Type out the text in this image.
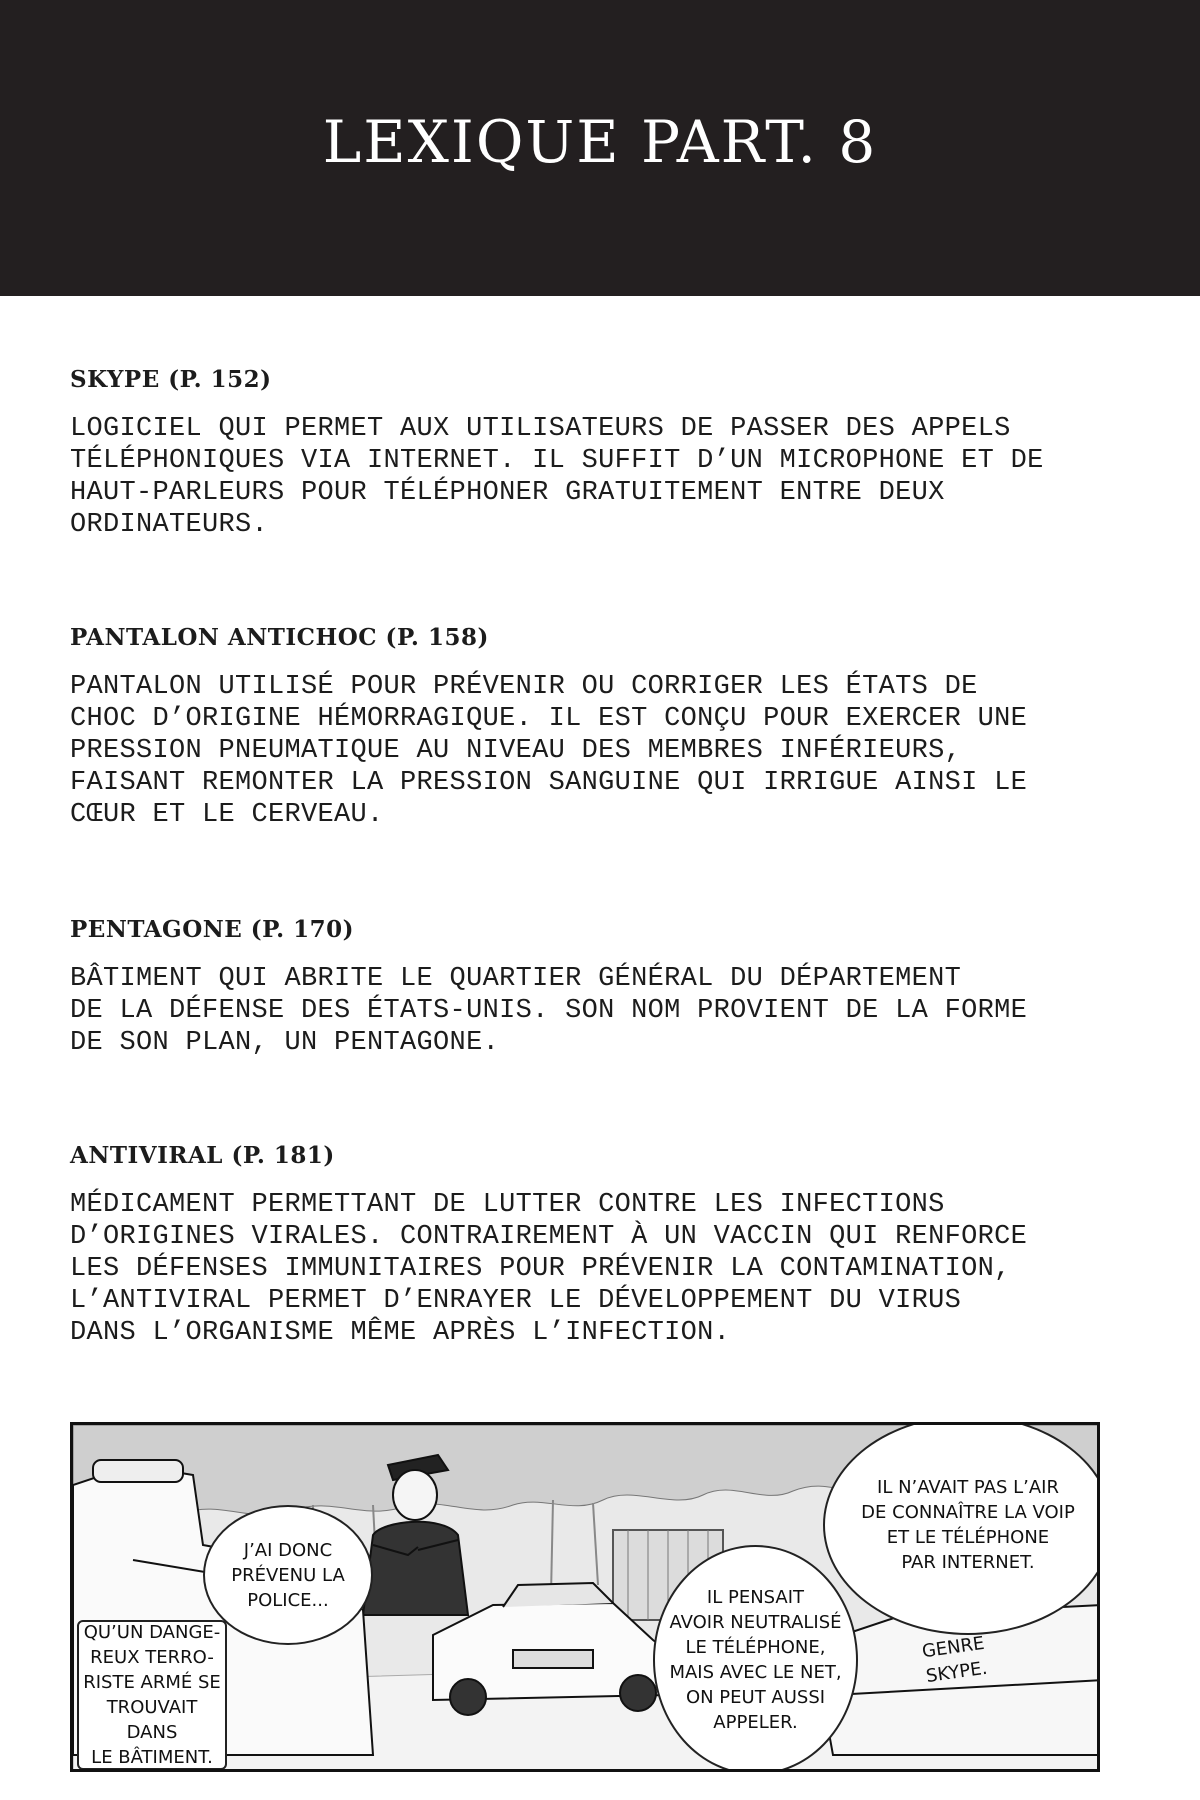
LEXIQUE PART. 8
SKYPE (P. 152)
LOGICIEL QUI PERMET AUX UTILISATEURS DE PASSER DES APPELS
TÉLÉPHONIQUES VIA INTERNET. IL SUFFIT D’UN MICROPHONE ET DE
HAUT-PARLEURS POUR TÉLÉPHONER GRATUITEMENT ENTRE DEUX
ORDINATEURS.
PANTALON ANTICHOC (P. 158)
PANTALON UTILISÉ POUR PRÉVENIR OU CORRIGER LES ÉTATS DE
CHOC D’ORIGINE HÉMORRAGIQUE. IL EST CONÇU POUR EXERCER UNE
PRESSION PNEUMATIQUE AU NIVEAU DES MEMBRES INFÉRIEURS,
FAISANT REMONTER LA PRESSION SANGUINE QUI IRRIGUE AINSI LE
CŒUR ET LE CERVEAU.
PENTAGONE (P. 170)
BÂTIMENT QUI ABRITE LE QUARTIER GÉNÉRAL DU DÉPARTEMENT
DE LA DÉFENSE DES ÉTATS-UNIS. SON NOM PROVIENT DE LA FORME
DE SON PLAN, UN PENTAGONE.
ANTIVIRAL (P. 181)
MÉDICAMENT PERMETTANT DE LUTTER CONTRE LES INFECTIONS
D’ORIGINES VIRALES. CONTRAIREMENT À UN VACCIN QUI RENFORCE
LES DÉFENSES IMMUNITAIRES POUR PRÉVENIR LA CONTAMINATION,
L’ANTIVIRAL PERMET D’ENRAYER LE DÉVELOPPEMENT DU VIRUS
DANS L’ORGANISME MÊME APRÈS L’INFECTION.
QU’UN DANGE-
REUX TERRO-
RISTE ARMÉ SE
TROUVAIT DANS
LE BÂTIMENT.
J’AI DONC
PRÉVENU LA
POLICE...	IL PENSAIT
AVOIR NEUTRALISÉ
LE TÉLÉPHONE,
MAIS AVEC LE NET,
ON PEUT AUSSI
APPELER.
IL N’AVAIT PAS L’AIR
DE CONNAÎTRE LA VOIP
ET LE TÉLÉPHONE
PAR INTERNET.
GENRE
SKYPE.
